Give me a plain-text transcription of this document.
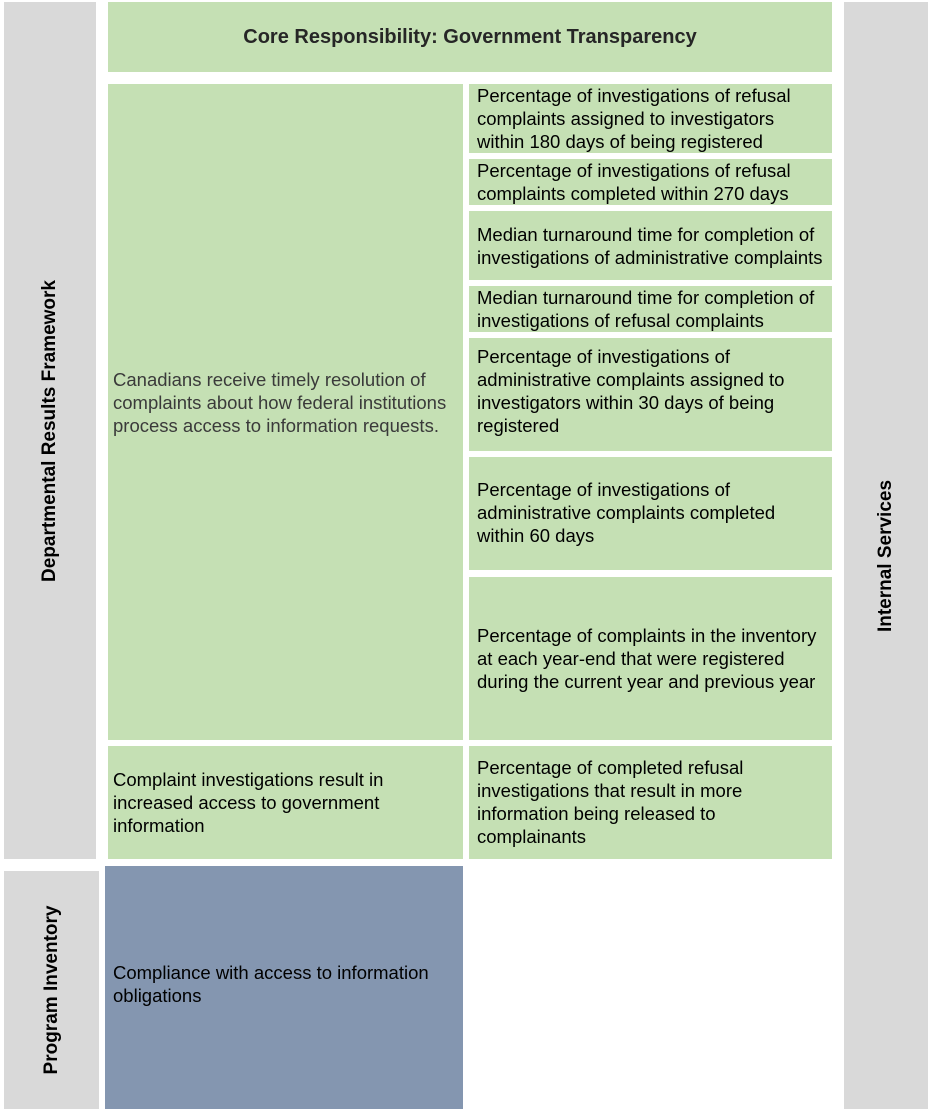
Departmental Results Framework
Program Inventory
Internal Services
Core Responsibility: Government Transparency
Canadians receive timely resolution of complaints about how federal institutions process access to information requests.
Percentage of investigations of refusal complaints assigned to investigators within 180 days of being registered
Percentage of investigations of refusal complaints completed within 270 days
Median turnaround time for completion of investigations of administrative complaints
Median turnaround time for completion of investigations of refusal complaints
Percentage of investigations of administrative complaints assigned to investigators within 30 days of being registered
Percentage of investigations of administrative complaints completed within 60 days
Percentage of complaints in the inventory at each year-end that were registered during the current year and previous year
Complaint investigations result in increased access to government information
Percentage of completed refusal investigations that result in more information being released to complainants
Compliance with access to information obligations
